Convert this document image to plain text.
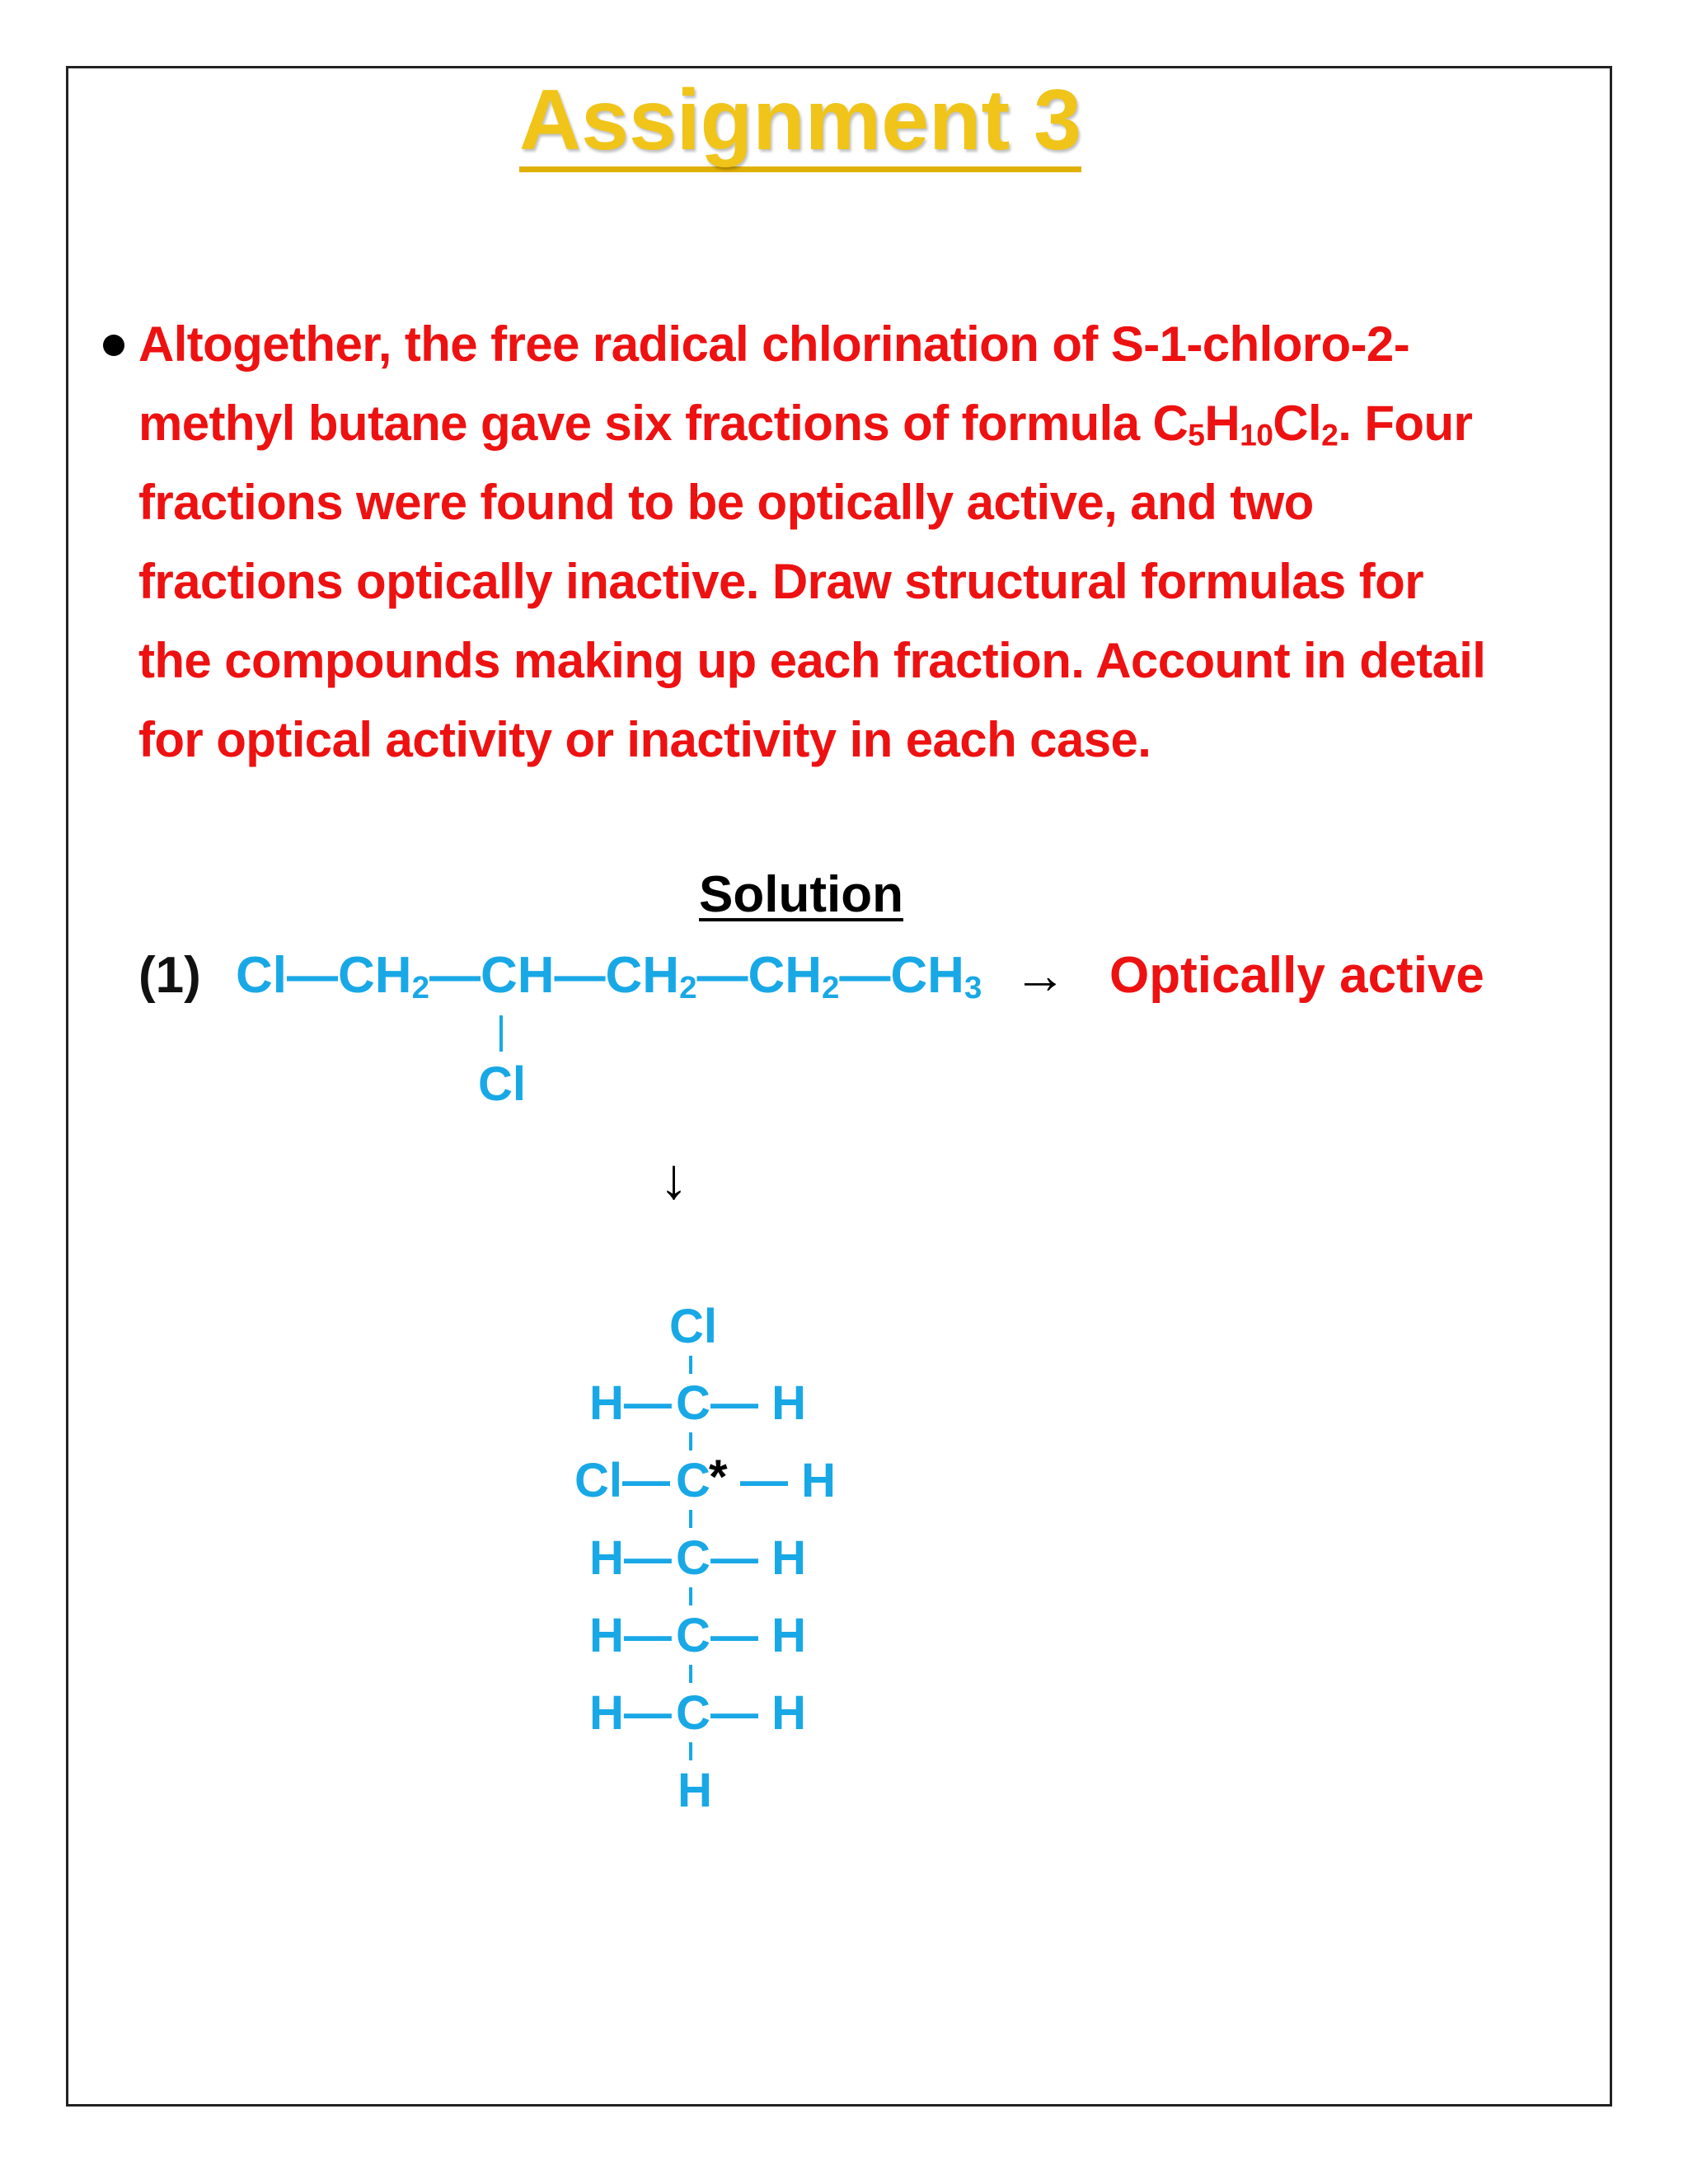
Assignment 3
Altogether, the free radical chlorination of S-1-chloro-2-
methyl butane gave six fractions of formula $C_5H_{10}Cl_2$. Four
fractions were found to be optically active, and two
fractions optically inactive. Draw structural formulas for
the compounds making up each fraction. Account in detail
for optical activity or inactivity in each case.
Solution
(1) $Cl—CH_2—CH—CH_2—CH_2—CH_3$
Cl
→ Optically active
↓
Cl
H— C — H
Cl— C
* — H
H— C — H
H— C — H
H— C — H
H
